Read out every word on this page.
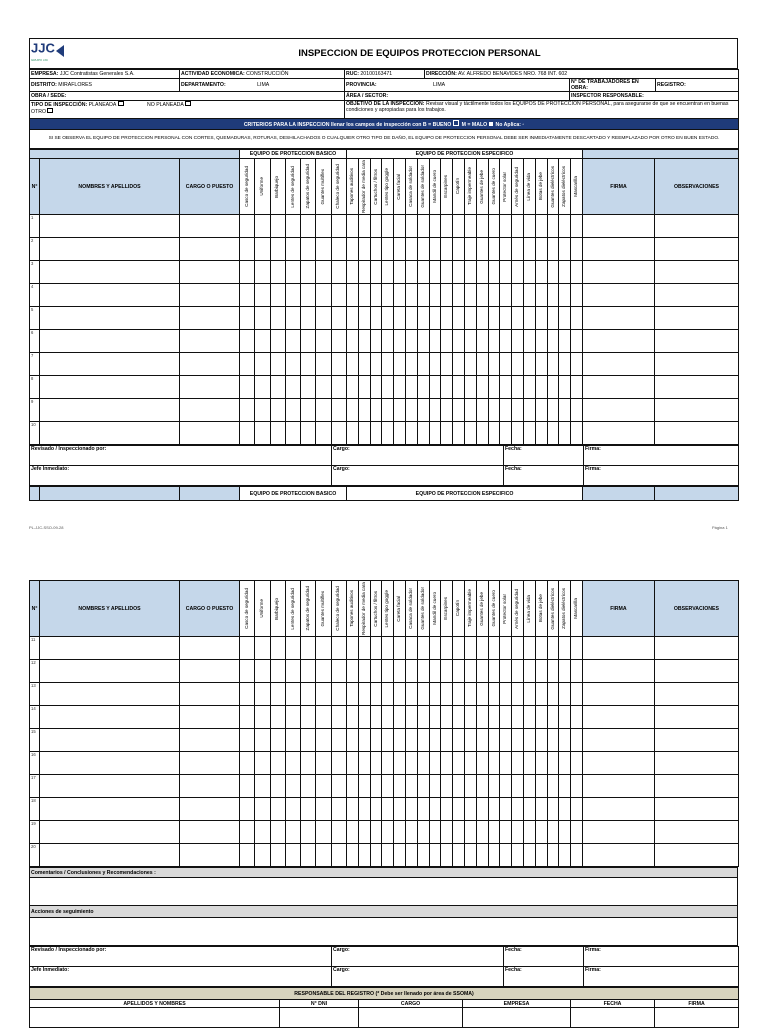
JJC
GRUPO JJC
	INSPECCION DE EQUIPOS PROTECCION PERSONAL
EMPRESA: JJC Contratistas Generales S.A.	ACTIVIDAD ECONOMICA: CONSTRUCCIÓN	RUC: 20100163471	DIRECCIÓN: AV. ALFREDO BENAVIDES NRO. 768 INT. 602		
DISTRITO: MIRAFLORES	DEPARTAMENTO: LIMA	PROVINCIA: LIMA		N° DE TRABAJADORES EN OBRA:	REGISTRO:
OBRA / SEDE:		ÁREA / SECTOR:		INSPECTOR RESPONSABLE:	
TIPO DE INSPECCIÓN: PLANEADA NO PLANEADA
OTRO		OBJETIVO DE LA INSPECCIÓN: Revisar visual y táctilmente todos los EQUIPOS DE PROTECCION PERSONAL, para asegurarse de que se encuentran en buenas condiciones y apropiadas para los trabajos.			
CRITERIOS PARA LA INSPECCION llenar los campos de inspección con B = BUENO M = MALO No Aplica: ▫					
SI SE OBSERVA EL EQUIPO DE PROTECCION PERSONAL CON CORTES, QUEMADURAS, ROTURAS, DESHILACHADOS O CUALQUIER OTRO TIPO DE DAÑO, EL EQUIPO DE PROTECCION PERSONAL DEBE SER INMEDIATAMENTE DESCARTADO Y REEMPLAZADO POR OTRO EN BUEN ESTADO.					
			EQUIPO DE PROTECCION BASICO							EQUIPO DE PROTECCION ESPECIFICO																					
N°	NOMBRES Y APELLIDOS	CARGO O PUESTO	Casco de seguridad	Uniforme	Barbiquejo	Lentes de seguridad	Zapatos de seguridad	Guantes multiflex	Chaleco de seguridad	Tapones auditivos	Respirador de media cara	Cartuchos / filtros	Lentes tipo goggle	Careta facial	Casaca de soldador	Guantes de soldador	Mandil de cuero	Escarpines	Capotín	Traje impermeable	Guantes de jebe	Guantes de cuero	Protector solar	Arnés de seguridad	Línea de vida	Botas de jebe	Guantes dieléctricos	Zapatos dieléctricos	Mascarilla	FIRMA	OBSERVACIONES
1																															
2																															
3																															
4																															
5																															
6																															
7																															
8																															
9																															
10																															
Revisado / Inspeccionado por:	Cargo:	Fecha:	Firma:
Jefe Inmediato:	Cargo:	Fecha:	Firma:
			EQUIPO DE PROTECCION BASICO	EQUIPO DE PROTECCION ESPECIFICO		
PL-JJC-SSO-09-28	Página 1
N°	NOMBRES Y APELLIDOS	CARGO O PUESTO	Casco de seguridad	Uniforme	Barbiquejo	Lentes de seguridad	Zapatos de seguridad	Guantes multiflex	Chaleco de seguridad	Tapones auditivos	Respirador de media cara	Cartuchos / filtros	Lentes tipo goggle	Careta facial	Casaca de soldador	Guantes de soldador	Mandil de cuero	Escarpines	Capotín	Traje impermeable	Guantes de jebe	Guantes de cuero	Protector solar	Arnés de seguridad	Línea de vida	Botas de jebe	Guantes dieléctricos	Zapatos dieléctricos	Mascarilla	FIRMA	OBSERVACIONES
11																															
12																															
13																															
14																															
15																															
16																															
17																															
18																															
19																															
20																															
Comentarios / Conclusiones y Recomendaciones :

Acciones de seguimiento

Revisado / Inspeccionado por:	Cargo:	Fecha:	Firma:
Jefe Inmediato:	Cargo:	Fecha:	Firma:
RESPONSABLE DEL REGISTRO (* Debe ser llenado por área de SSOMA)					
APELLIDOS Y NOMBRES	N° DNI	CARGO	EMPRESA	FECHA	FIRMA
